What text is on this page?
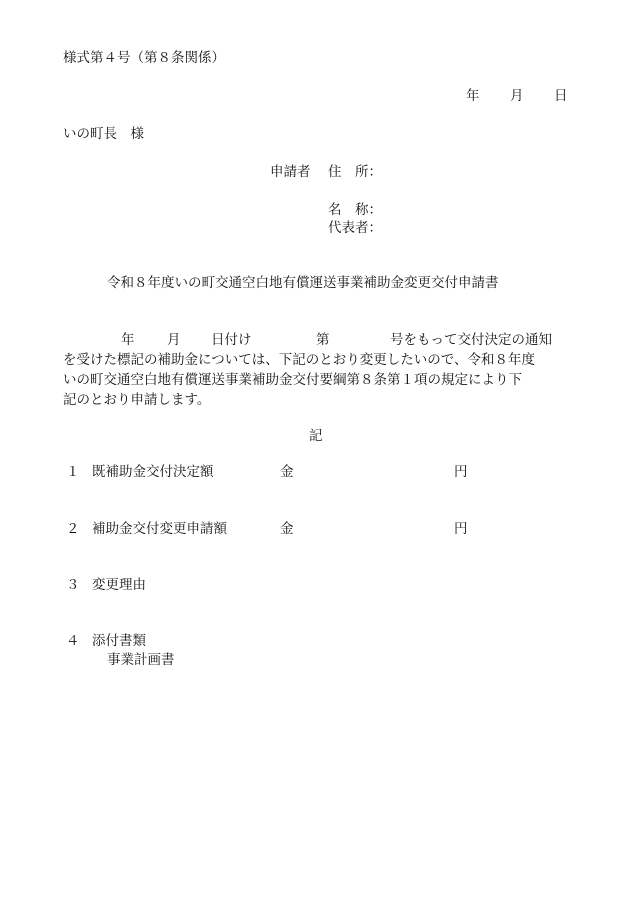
様式第４号（第８条関係）
年 月 日
いの町長　様
申請者 住　所：
名　称：
代表者：
令和８年度いの町交通空白地有償運送事業補助金変更交付申請書
年 月 日付け	第	号をもって交付決定の通知
を受けた標記の補助金については、下記のとおり変更したいので、令和８年度
いの町交通空白地有償運送事業補助金交付要綱第８条第１項の規定により下
記のとおり申請します。
記
１ 既補助金交付決定額	金	円
２ 補助金交付変更申請額	金	円
３ 変更理由
４ 添付書類
事業計画書
